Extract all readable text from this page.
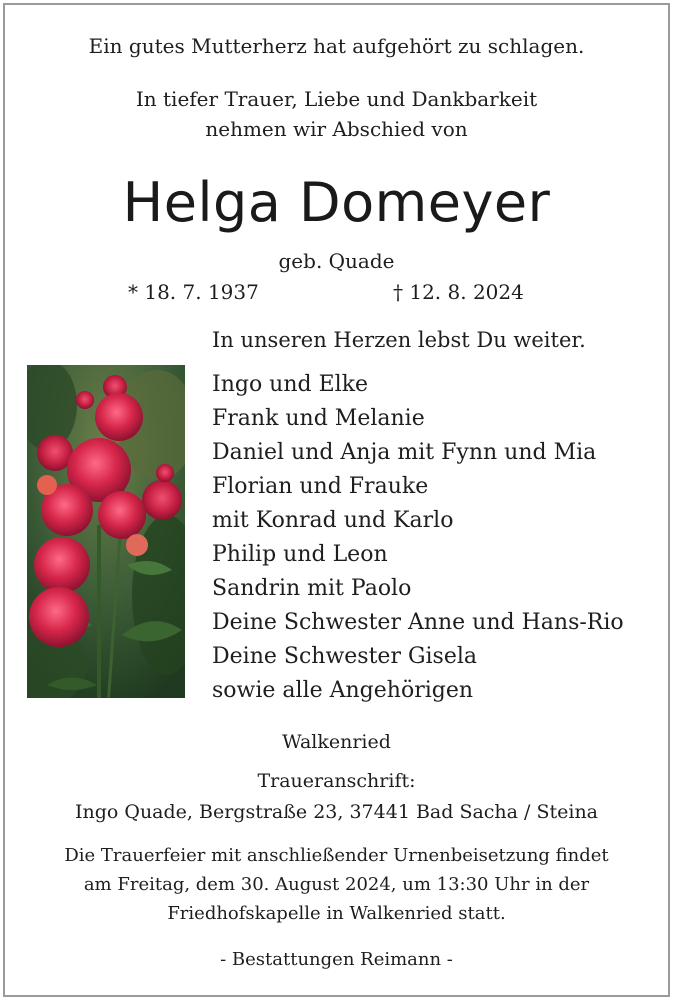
Ein gutes Mutterherz hat aufgehört zu schlagen.
In tiefer Trauer, Liebe und Dankbarkeit
nehmen wir Abschied von
Helga Domeyer
geb. Quade
* 18. 7. 1937	† 12. 8. 2024
In unseren Herzen lebst Du weiter.
Ingo und Elke
Frank und Melanie
Daniel und Anja mit Fynn und Mia
Florian und Frauke
mit Konrad und Karlo
Philip und Leon
Sandrin mit Paolo
Deine Schwester Anne und Hans-Rio
Deine Schwester Gisela
sowie alle Angehörigen
Walkenried
Traueranschrift:
Ingo Quade, Bergstraße 23, 37441 Bad Sacha / Steina
Die Trauerfeier mit anschließender Urnenbeisetzung findet
am Freitag, dem 30. August 2024, um 13:30 Uhr in der
Friedhofskapelle in Walkenried statt.
- Bestattungen Reimann -
